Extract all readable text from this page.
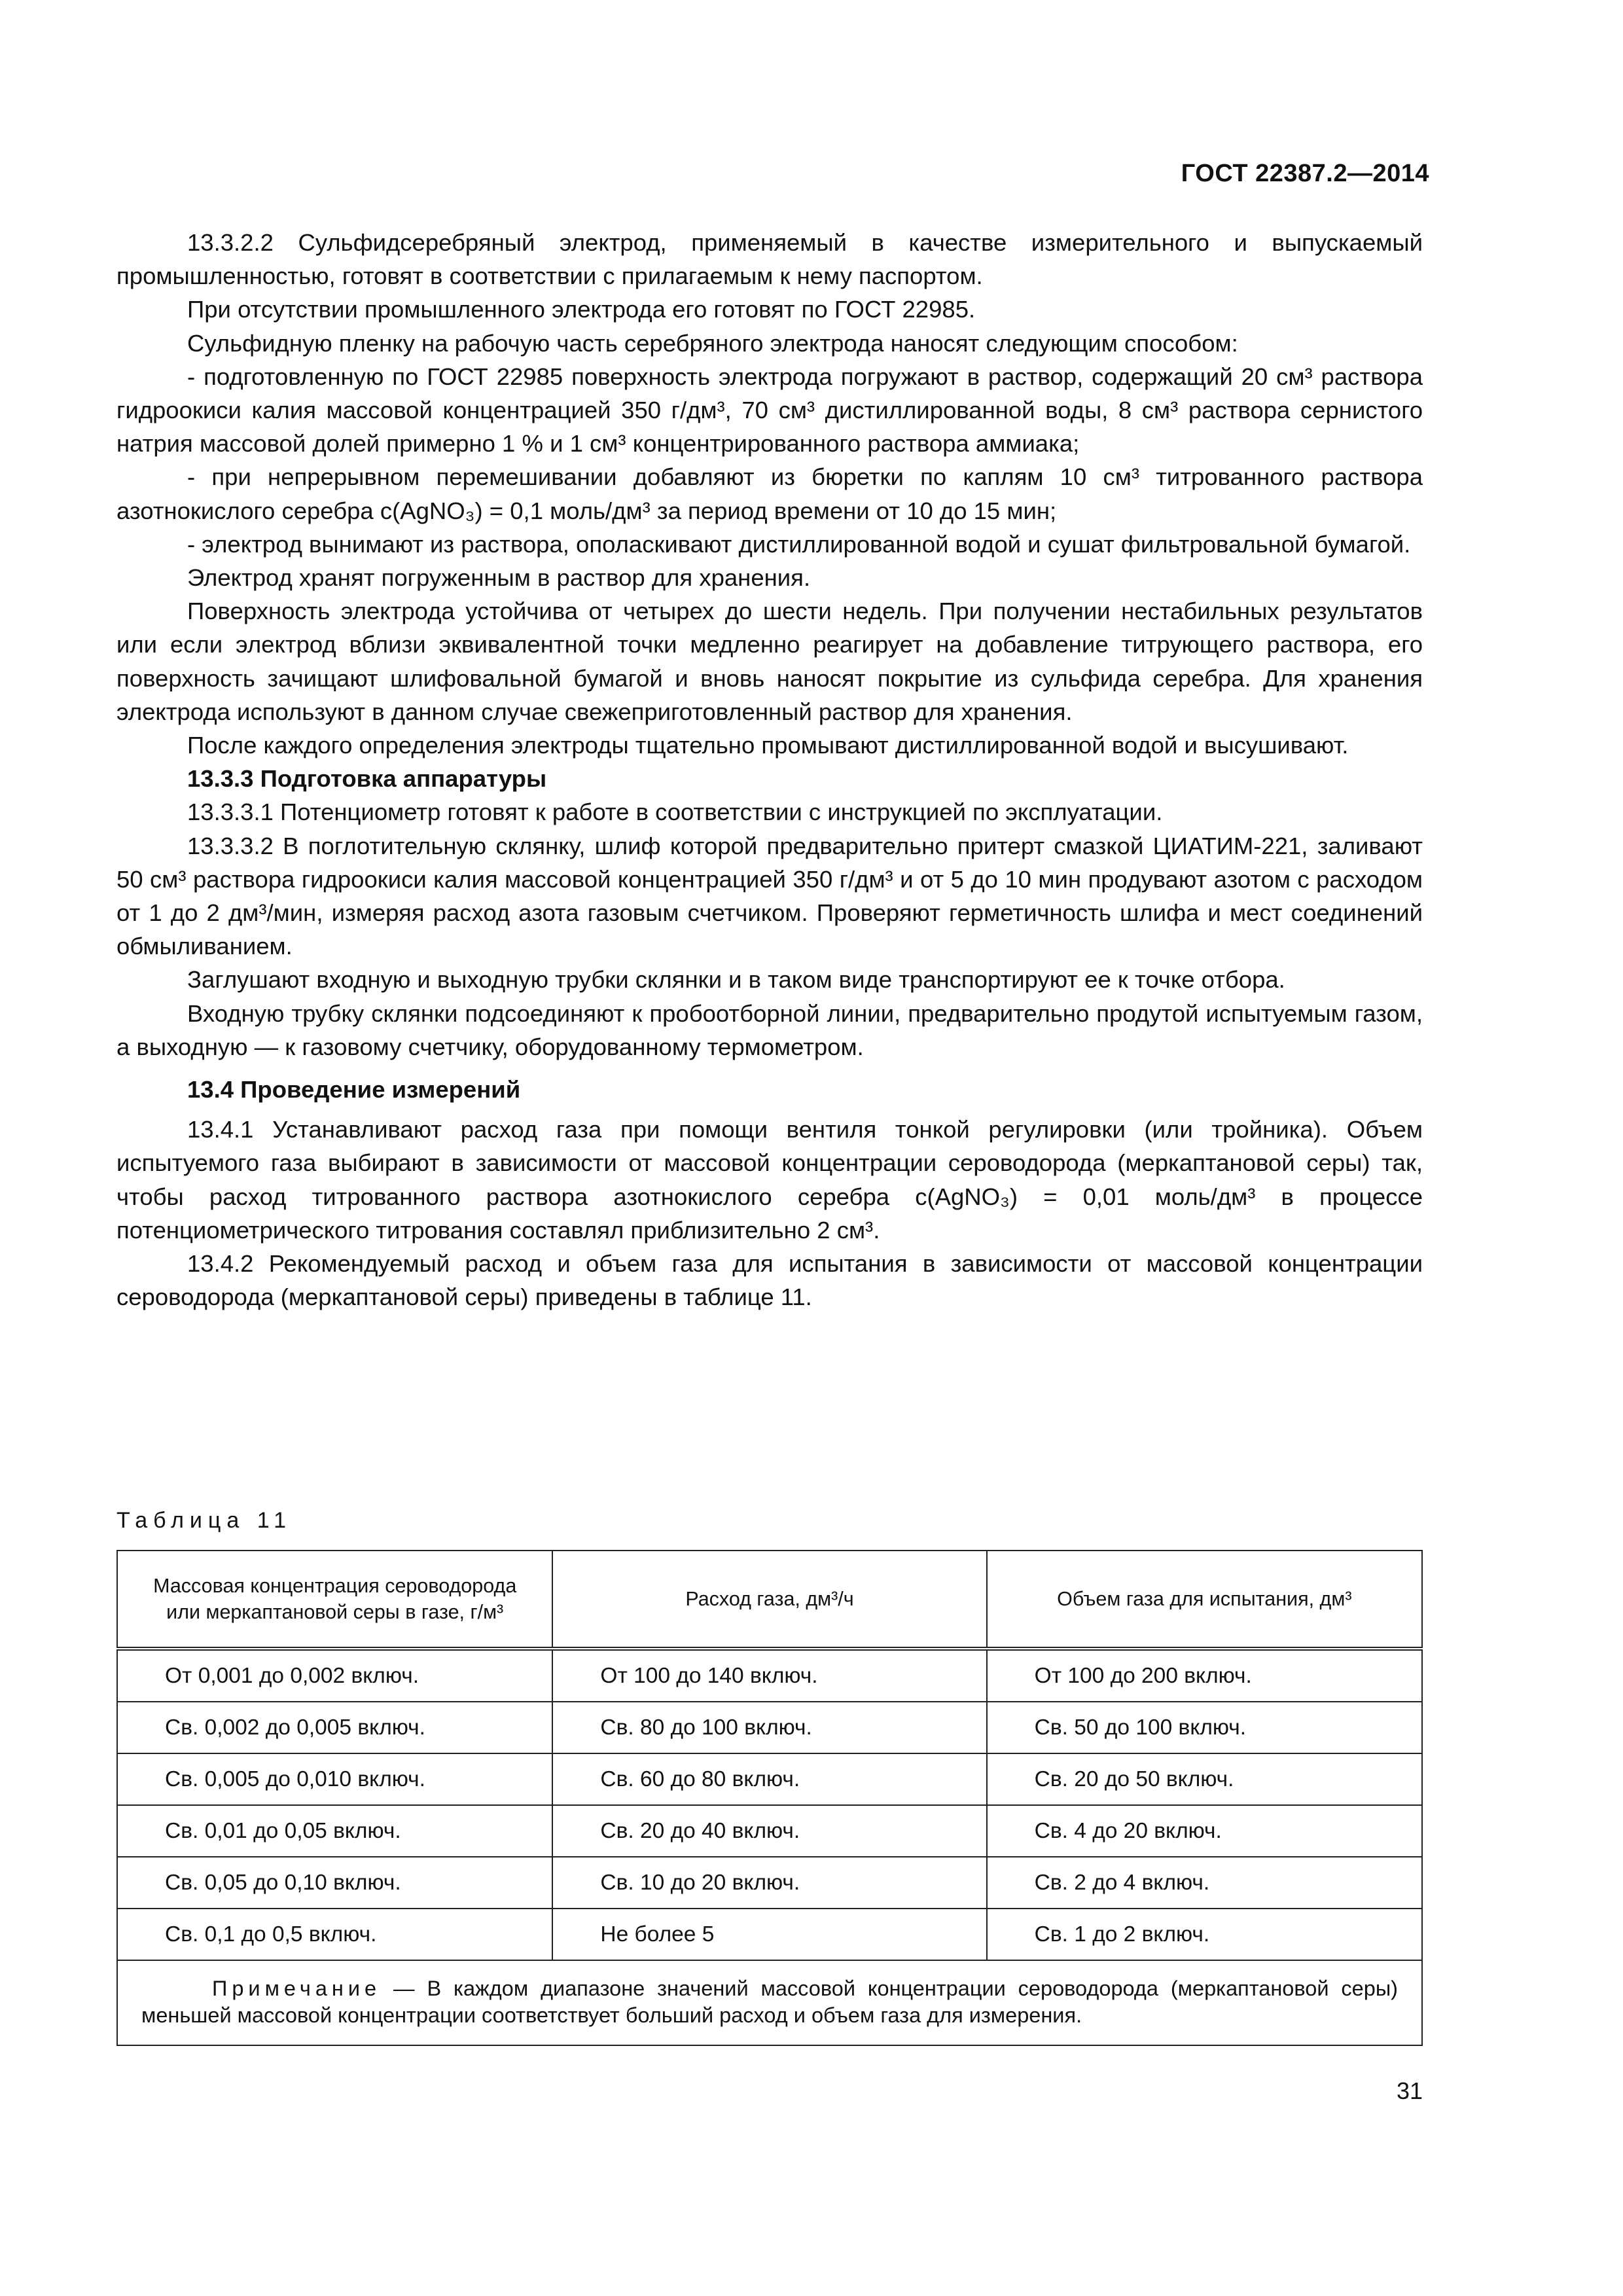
ГОСТ 22387.2—2014

13.3.2.2 Сульфидсеребряный электрод, применяемый в качестве измерительного и выпускаемый промышленностью, готовят в соответствии с прилагаемым к нему паспортом.

При отсутствии промышленного электрода его готовят по ГОСТ 22985.

Сульфидную пленку на рабочую часть серебряного электрода наносят следующим способом:

- подготовленную по ГОСТ 22985 поверхность электрода погружают в раствор, содержащий 20 см³ раствора гидроокиси калия массовой концентрацией 350 г/дм³, 70 см³ дистиллированной воды, 8 см³ раствора сернистого натрия массовой долей примерно 1 % и 1 см³ концентрированного раствора аммиака;

- при непрерывном перемешивании добавляют из бюретки по каплям 10 см³ титрованного раствора азотнокислого серебра c(AgNO₃) = 0,1 моль/дм³ за период времени от 10 до 15 мин;

- электрод вынимают из раствора, ополаскивают дистиллированной водой и сушат фильтровальной бумагой.

Электрод хранят погруженным в раствор для хранения.

Поверхность электрода устойчива от четырех до шести недель. При получении нестабильных результатов или если электрод вблизи эквивалентной точки медленно реагирует на добавление титрующего раствора, его поверхность зачищают шлифовальной бумагой и вновь наносят покрытие из сульфида серебра. Для хранения электрода используют в данном случае свежеприготовленный раствор для хранения.

После каждого определения электроды тщательно промывают дистиллированной водой и высушивают.

13.3.3 Подготовка аппаратуры

13.3.3.1 Потенциометр готовят к работе в соответствии с инструкцией по эксплуатации.

13.3.3.2 В поглотительную склянку, шлиф которой предварительно притерт смазкой ЦИАТИМ-221, заливают 50 см³ раствора гидроокиси калия массовой концентрацией 350 г/дм³ и от 5 до 10 мин продувают азотом с расходом от 1 до 2 дм³/мин, измеряя расход азота газовым счетчиком. Проверяют герметичность шлифа и мест соединений обмыливанием.

Заглушают входную и выходную трубки склянки и в таком виде транспортируют ее к точке отбора.

Входную трубку склянки подсоединяют к пробоотборной линии, предварительно продутой испытуемым газом, а выходную — к газовому счетчику, оборудованному термометром.

13.4 Проведение измерений

13.4.1 Устанавливают расход газа при помощи вентиля тонкой регулировки (или тройника). Объем испытуемого газа выбирают в зависимости от массовой концентрации сероводорода (меркаптановой серы) так, чтобы расход титрованного раствора азотнокислого серебра c(AgNO₃) = 0,01 моль/дм³ в процессе потенциометрического титрования составлял приблизительно 2 см³.

13.4.2 Рекомендуемый расход и объем газа для испытания в зависимости от массовой концентрации сероводорода (меркаптановой серы) приведены в таблице 11.

Таблица 11
Массовая концентрация сероводорода или меркаптановой серы в газе, г/м³	Расход газа, дм³/ч	Объем газа для испытания, дм³
От 0,001 до 0,002 включ.	От 100 до 140 включ.	От 100 до 200 включ.
Св. 0,002 до 0,005 включ.	Св. 80 до 100 включ.	Св. 50 до 100 включ.
Св. 0,005 до 0,010 включ.	Св. 60 до 80 включ.	Св. 20 до 50 включ.
Св. 0,01 до 0,05 включ.	Св. 20 до 40 включ.	Св. 4 до 20 включ.
Св. 0,05 до 0,10 включ.	Св. 10 до 20 включ.	Св. 2 до 4 включ.
Св. 0,1 до 0,5 включ.	Не более 5	Св. 1 до 2 включ.
Примечание — В каждом диапазоне значений массовой концентрации сероводорода (меркаптановой серы) меньшей массовой концентрации соответствует больший расход и объем газа для измерения.		
31
